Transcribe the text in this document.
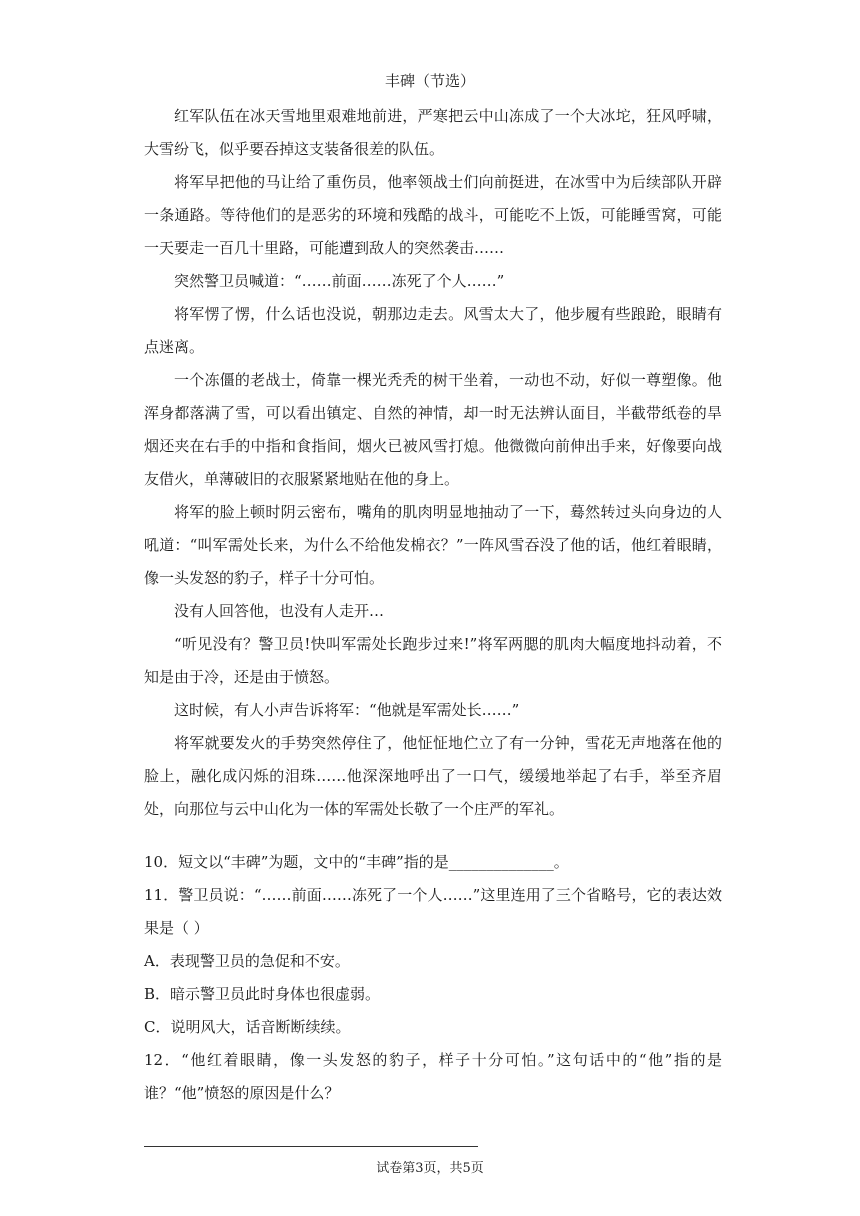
丰碑（节选）

红军队伍在冰天雪地里艰难地前进，严寒把云中山冻成了一个大冰坨，狂风呼啸，大雪纷飞，似乎要吞掉这支装备很差的队伍。

将军早把他的马让给了重伤员，他率领战士们向前挺进，在冰雪中为后续部队开辟一条通路。等待他们的是恶劣的环境和残酷的战斗，可能吃不上饭，可能睡雪窝，可能一天要走一百几十里路，可能遭到敌人的突然袭击……

突然警卫员喊道：“……前面……冻死了个人……”

将军愣了愣，什么话也没说，朝那边走去。风雪太大了，他步履有些踉跄，眼睛有点迷离。

一个冻僵的老战士，倚靠一棵光秃秃的树干坐着，一动也不动，好似一尊塑像。他浑身都落满了雪，可以看出镇定、自然的神情，却一时无法辨认面目，半截带纸卷的旱烟还夹在右手的中指和食指间，烟火已被风雪打熄。他微微向前伸出手来，好像要向战友借火，单薄破旧的衣服紧紧地贴在他的身上。

将军的脸上顿时阴云密布，嘴角的肌肉明显地抽动了一下，蓦然转过头向身边的人吼道：“叫军需处长来，为什么不给他发棉衣？”一阵风雪吞没了他的话，他红着眼睛，像一头发怒的豹子，样子十分可怕。

没有人回答他，也没有人走开…

“听见没有？警卫员!快叫军需处长跑步过来!”将军两腮的肌肉大幅度地抖动着，不知是由于冷，还是由于愤怒。

这时候，有人小声告诉将军：“他就是军需处长……”

将军就要发火的手势突然停住了，他怔怔地伫立了有一分钟，雪花无声地落在他的脸上，融化成闪烁的泪珠……他深深地呼出了一口气，缓缓地举起了右手，举至齐眉处，向那位与云中山化为一体的军需处长敬了一个庄严的军礼。

10．短文以“丰碑”为题，文中的“丰碑”指的是______________。

11．警卫员说：“……前面……冻死了一个人……”这里连用了三个省略号，它的表达效果是（ ）

A．表现警卫员的急促和不安。

B．暗示警卫员此时身体也很虚弱。

C．说明风大，话音断断续续。

12．“他红着眼睛，像一头发怒的豹子，样子十分可怕。”这句话中的“他”指的是谁？“他”愤怒的原因是什么？

试卷第3页，共5页
